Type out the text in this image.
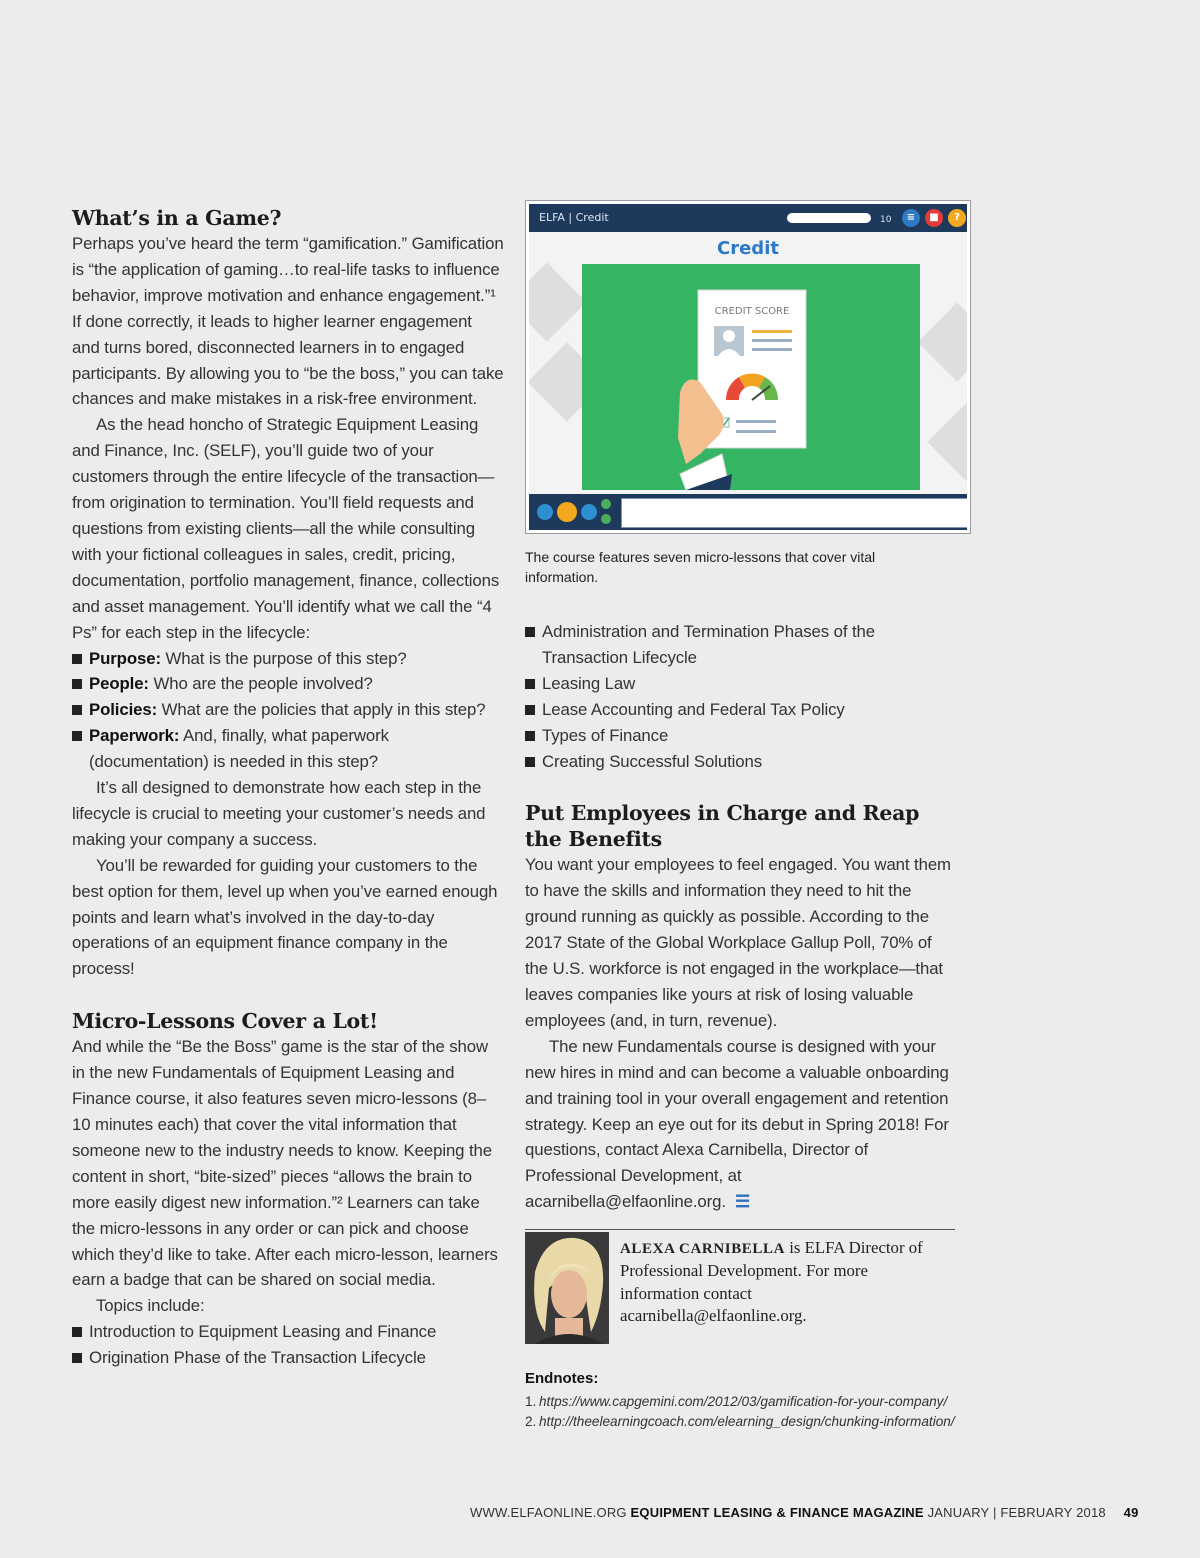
What’s in a Game?

Perhaps you’ve heard the term “gamification.” Gamification is “the application of gaming…to real-life tasks to influence behavior, improve motivation and enhance engagement.”¹ If done correctly, it leads to higher learner engagement and turns bored, disconnected learners in to engaged participants. By allowing you to “be the boss,” you can take chances and make mistakes in a risk-free environment.

As the head honcho of Strategic Equipment Leasing and Finance, Inc. (SELF), you’ll guide two of your customers through the entire lifecycle of the transaction—from origination to termination. You’ll field requests and questions from existing clients—all the while consulting with your fictional colleagues in sales, credit, pricing, documentation, portfolio management, finance, collections and asset management. You’ll identify what we call the “4 Ps” for each step in the lifecycle:

Purpose: What is the purpose of this step?
People: Who are the people involved?
Policies: What are the policies that apply in this step?
Paperwork: And, finally, what paperwork (documentation) is needed in this step?

It’s all designed to demonstrate how each step in the lifecycle is crucial to meeting your customer’s needs and making your company a success.

You’ll be rewarded for guiding your customers to the best option for them, level up when you’ve earned enough points and learn what’s involved in the day-to-day operations of an equipment finance company in the process!

Micro-Lessons Cover a Lot!

And while the “Be the Boss” game is the star of the show in the new Fundamentals of Equipment Leasing and Finance course, it also features seven micro-lessons (8–10 minutes each) that cover the vital information that someone new to the industry needs to know. Keeping the content in short, “bite-sized” pieces “allows the brain to more easily digest new information.”² Learners can take the micro-lessons in any order or can pick and choose which they’d like to take. After each micro-lesson, learners earn a badge that can be shared on social media.

Topics include:

Introduction to Equipment Leasing and Finance
Origination Phase of the Transaction Lifecycle
ELFA | Credit	10	≡	■	?
Credit
CREDIT SCORE
POOR	GOOD

The course features seven micro-lessons that cover vital information.

Administration and Termination Phases of the Transaction Lifecycle
Leasing Law
Lease Accounting and Federal Tax Policy
Types of Finance
Creating Successful Solutions
Put Employees in Charge and Reap the Benefits

You want your employees to feel engaged. You want them to have the skills and information they need to hit the ground running as quickly as possible. According to the 2017 State of the Global Workplace Gallup Poll, 70% of the U.S. workforce is not engaged in the workplace—that leaves companies like yours at risk of losing valuable employees (and, in turn, revenue).

The new Fundamentals course is designed with your new hires in mind and can become a valuable onboarding and training tool in your overall engagement and retention strategy. Keep an eye out for its debut in Spring 2018! For questions, contact Alexa Carnibella, Director of Professional Development, at acarnibella@elfaonline.org. ☰

ALEXA CARNIBELLA is ELFA Director of Professional Development. For more information contact acarnibella@elfaonline.org.

Endnotes:
1. https://www.capgemini.com/2012/03/gamification-for-your-company/
2. http://theelearningcoach.com/elearning_design/chunking-information/
WWW.ELFAONLINE.ORG EQUIPMENT LEASING & FINANCE MAGAZINE JANUARY | FEBRUARY 2018 49
